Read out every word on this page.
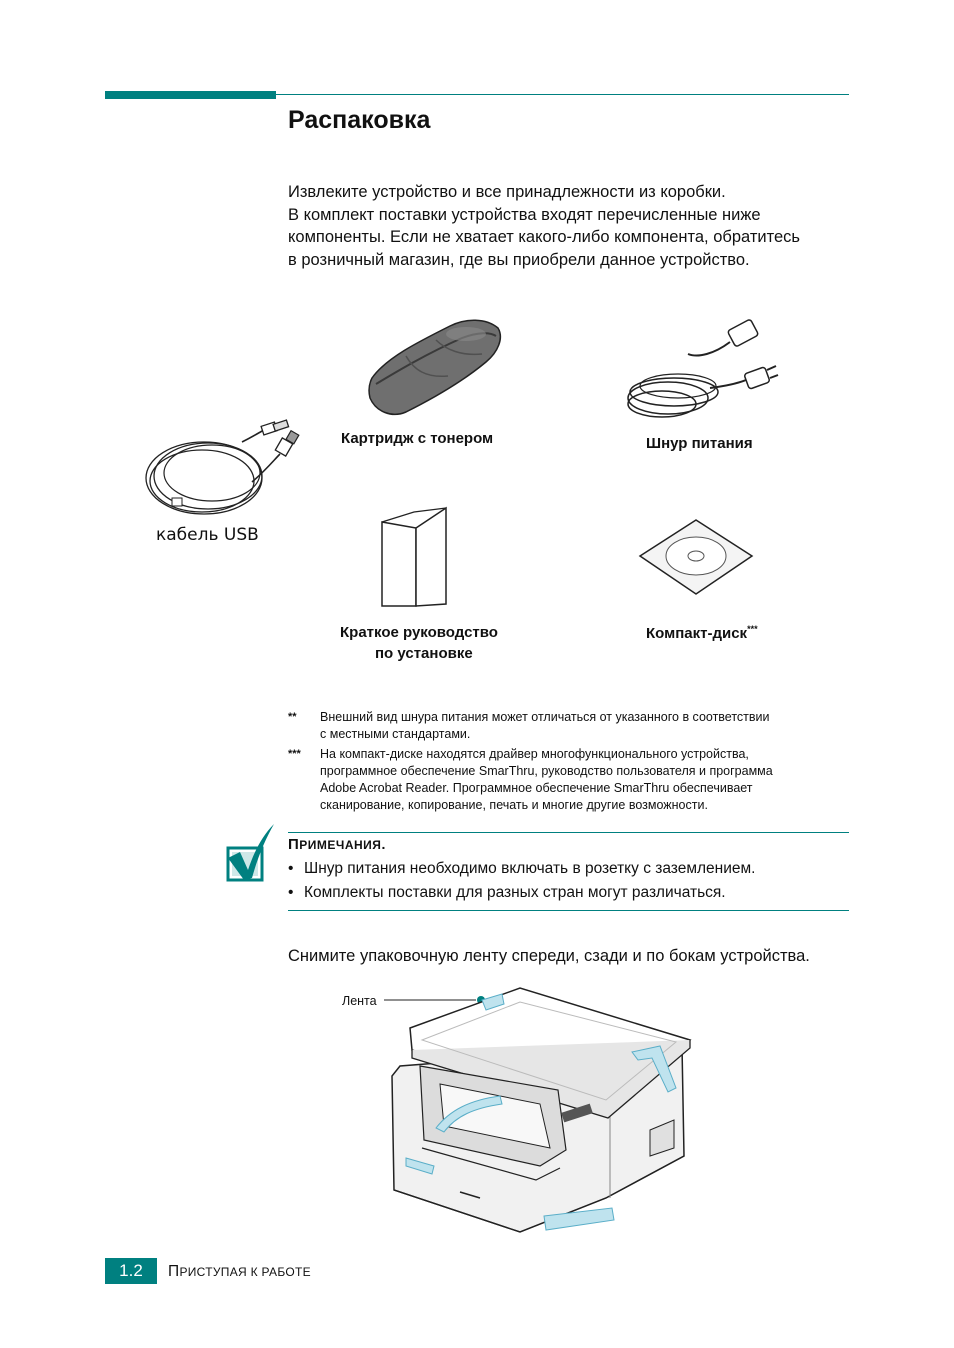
Распаковка
Извлеките устройство и все принадлежности из коробки.
В комплект поставки устройства входят перечисленные ниже
компоненты. Если не хватает какого-либо компонента, обратитесь
в розничный магазин, где вы приобрели данное устройство.
Картридж с тонером	Шнур питания
кабель USB
Краткое руководство
по установке
Компакт-диск***
** Внешний вид шнура питания может отличаться от указанного в соответствии
с местными стандартами.
*** На компакт-диске находятся драйвер многофункционального устройства,
программное обеспечение SmarThru, руководство пользователя и программа
Adobe Acrobat Reader. Программное обеспечение SmarThru обеспечивает
сканирование, копирование, печать и многие другие возможности.
ПРИМЕЧАНИЯ.
• Шнур питания необходимо включать в розетку с заземлением.
• Комплекты поставки для разных стран могут различаться.
Снимите упаковочную ленту спереди, сзади и по бокам устройства.
Лента
1.2	ПРИСТУПАЯ К РАБОТЕ
